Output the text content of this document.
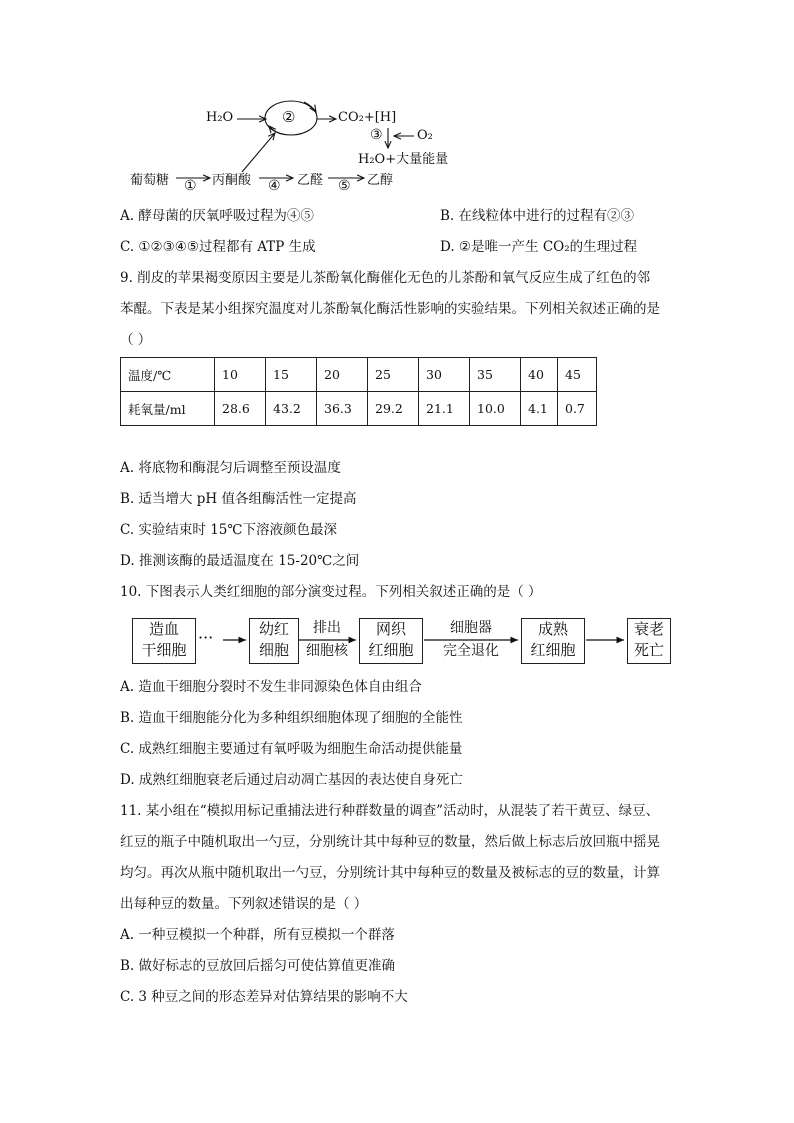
H₂O	②	CO₂+[H]
③	O₂
H₂O+大量能量
葡萄糖 ① 丙酮酸 ④ 乙醛 ⑤ 乙醇
A. 酵母菌的厌氧呼吸过程为④⑤	B. 在线粒体中进行的过程有②③
C. ①②③④⑤过程都有 ATP 生成	D. ②是唯一产生 CO₂的生理过程
9. 削皮的苹果褐变原因主要是儿茶酚氧化酶催化无色的儿茶酚和氧气反应生成了红色的邻
苯醌。下表是某小组探究温度对儿茶酚氧化酶活性影响的实验结果。下列相关叙述正确的是
（ ）
温度/℃	10	15	20	25	30	35	40	45
耗氧量/ml	28.6	43.2	36.3	29.2	21.1	10.0	4.1	0.7
A. 将底物和酶混匀后调整至预设温度
B. 适当增大 pH 值各组酶活性一定提高
C. 实验结束时 15℃下溶液颜色最深
D. 推测该酶的最适温度在 15-20℃之间
10. 下图表示人类红细胞的部分演变过程。下列相关叙述正确的是（ ）
造血
干细胞
···	幼红
细胞
排出
细胞核
网织
红细胞
细胞器
完全退化
成熟
红细胞
衰老
死亡
A. 造血干细胞分裂时不发生非同源染色体自由组合
B. 造血干细胞能分化为多种组织细胞体现了细胞的全能性
C. 成熟红细胞主要通过有氧呼吸为细胞生命活动提供能量
D. 成熟红细胞衰老后通过启动凋亡基因的表达使自身死亡
11. 某小组在“模拟用标记重捕法进行种群数量的调查”活动时，从混装了若干黄豆、绿豆、
红豆的瓶子中随机取出一勺豆，分别统计其中每种豆的数量，然后做上标志后放回瓶中摇晃
均匀。再次从瓶中随机取出一勺豆，分别统计其中每种豆的数量及被标志的豆的数量，计算
出每种豆的数量。下列叙述错误的是（ ）
A. 一种豆模拟一个种群，所有豆模拟一个群落
B. 做好标志的豆放回后摇匀可使估算值更准确
C. 3 种豆之间的形态差异对估算结果的影响不大
